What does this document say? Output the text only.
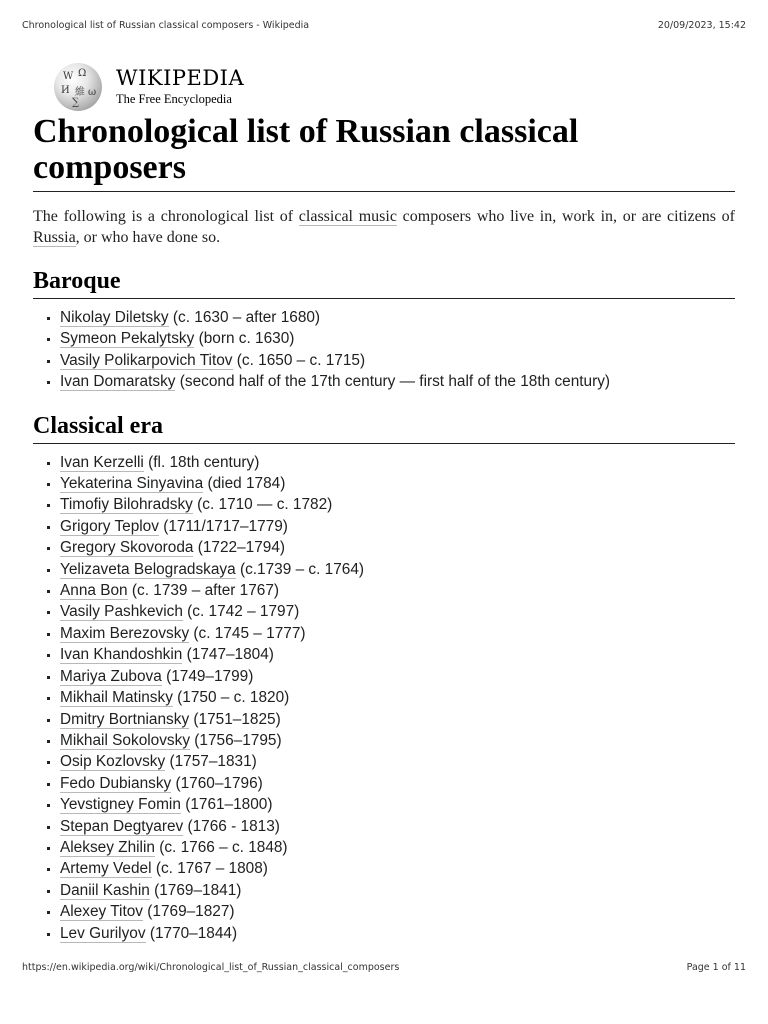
Chronological list of Russian classical composers - Wikipedia	20/09/2023, 15:42
W Ω
И 維 ω
∑
WIKIPEDIA
The Free Encyclopedia
Chronological list of Russian classical composers

The following is a chronological list of classical music composers who live in, work in, or are citizens of Russia, or who have done so.

Baroque
▪ Nikolay Diletsky (c. 1630 – after 1680)
▪ Symeon Pekalytsky (born c. 1630)
▪ Vasily Polikarpovich Titov (c. 1650 – c. 1715)
▪ Ivan Domaratsky (second half of the 17th century — first half of the 18th century)
Classical era
▪ Ivan Kerzelli (fl. 18th century)
▪ Yekaterina Sinyavina (died 1784)
▪ Timofiy Bilohradsky (c. 1710 — c. 1782)
▪ Grigory Teplov (1711/1717–1779)
▪ Gregory Skovoroda (1722–1794)
▪ Yelizaveta Belogradskaya (c.1739 – c. 1764)
▪ Anna Bon (c. 1739 – after 1767)
▪ Vasily Pashkevich (c. 1742 – 1797)
▪ Maxim Berezovsky (c. 1745 – 1777)
▪ Ivan Khandoshkin (1747–1804)
▪ Mariya Zubova (1749–1799)
▪ Mikhail Matinsky (1750 – c. 1820)
▪ Dmitry Bortniansky (1751–1825)
▪ Mikhail Sokolovsky (1756–1795)
▪ Osip Kozlovsky (1757–1831)
▪ Fedo Dubiansky (1760–1796)
▪ Yevstigney Fomin (1761–1800)
▪ Stepan Degtyarev (1766 - 1813)
▪ Aleksey Zhilin (c. 1766 – c. 1848)
▪ Artemy Vedel (c. 1767 – 1808)
▪ Daniil Kashin (1769–1841)
▪ Alexey Titov (1769–1827)
▪ Lev Gurilyov (1770–1844)
https://en.wikipedia.org/wiki/Chronological_list_of_Russian_classical_composers	Page 1 of 11
